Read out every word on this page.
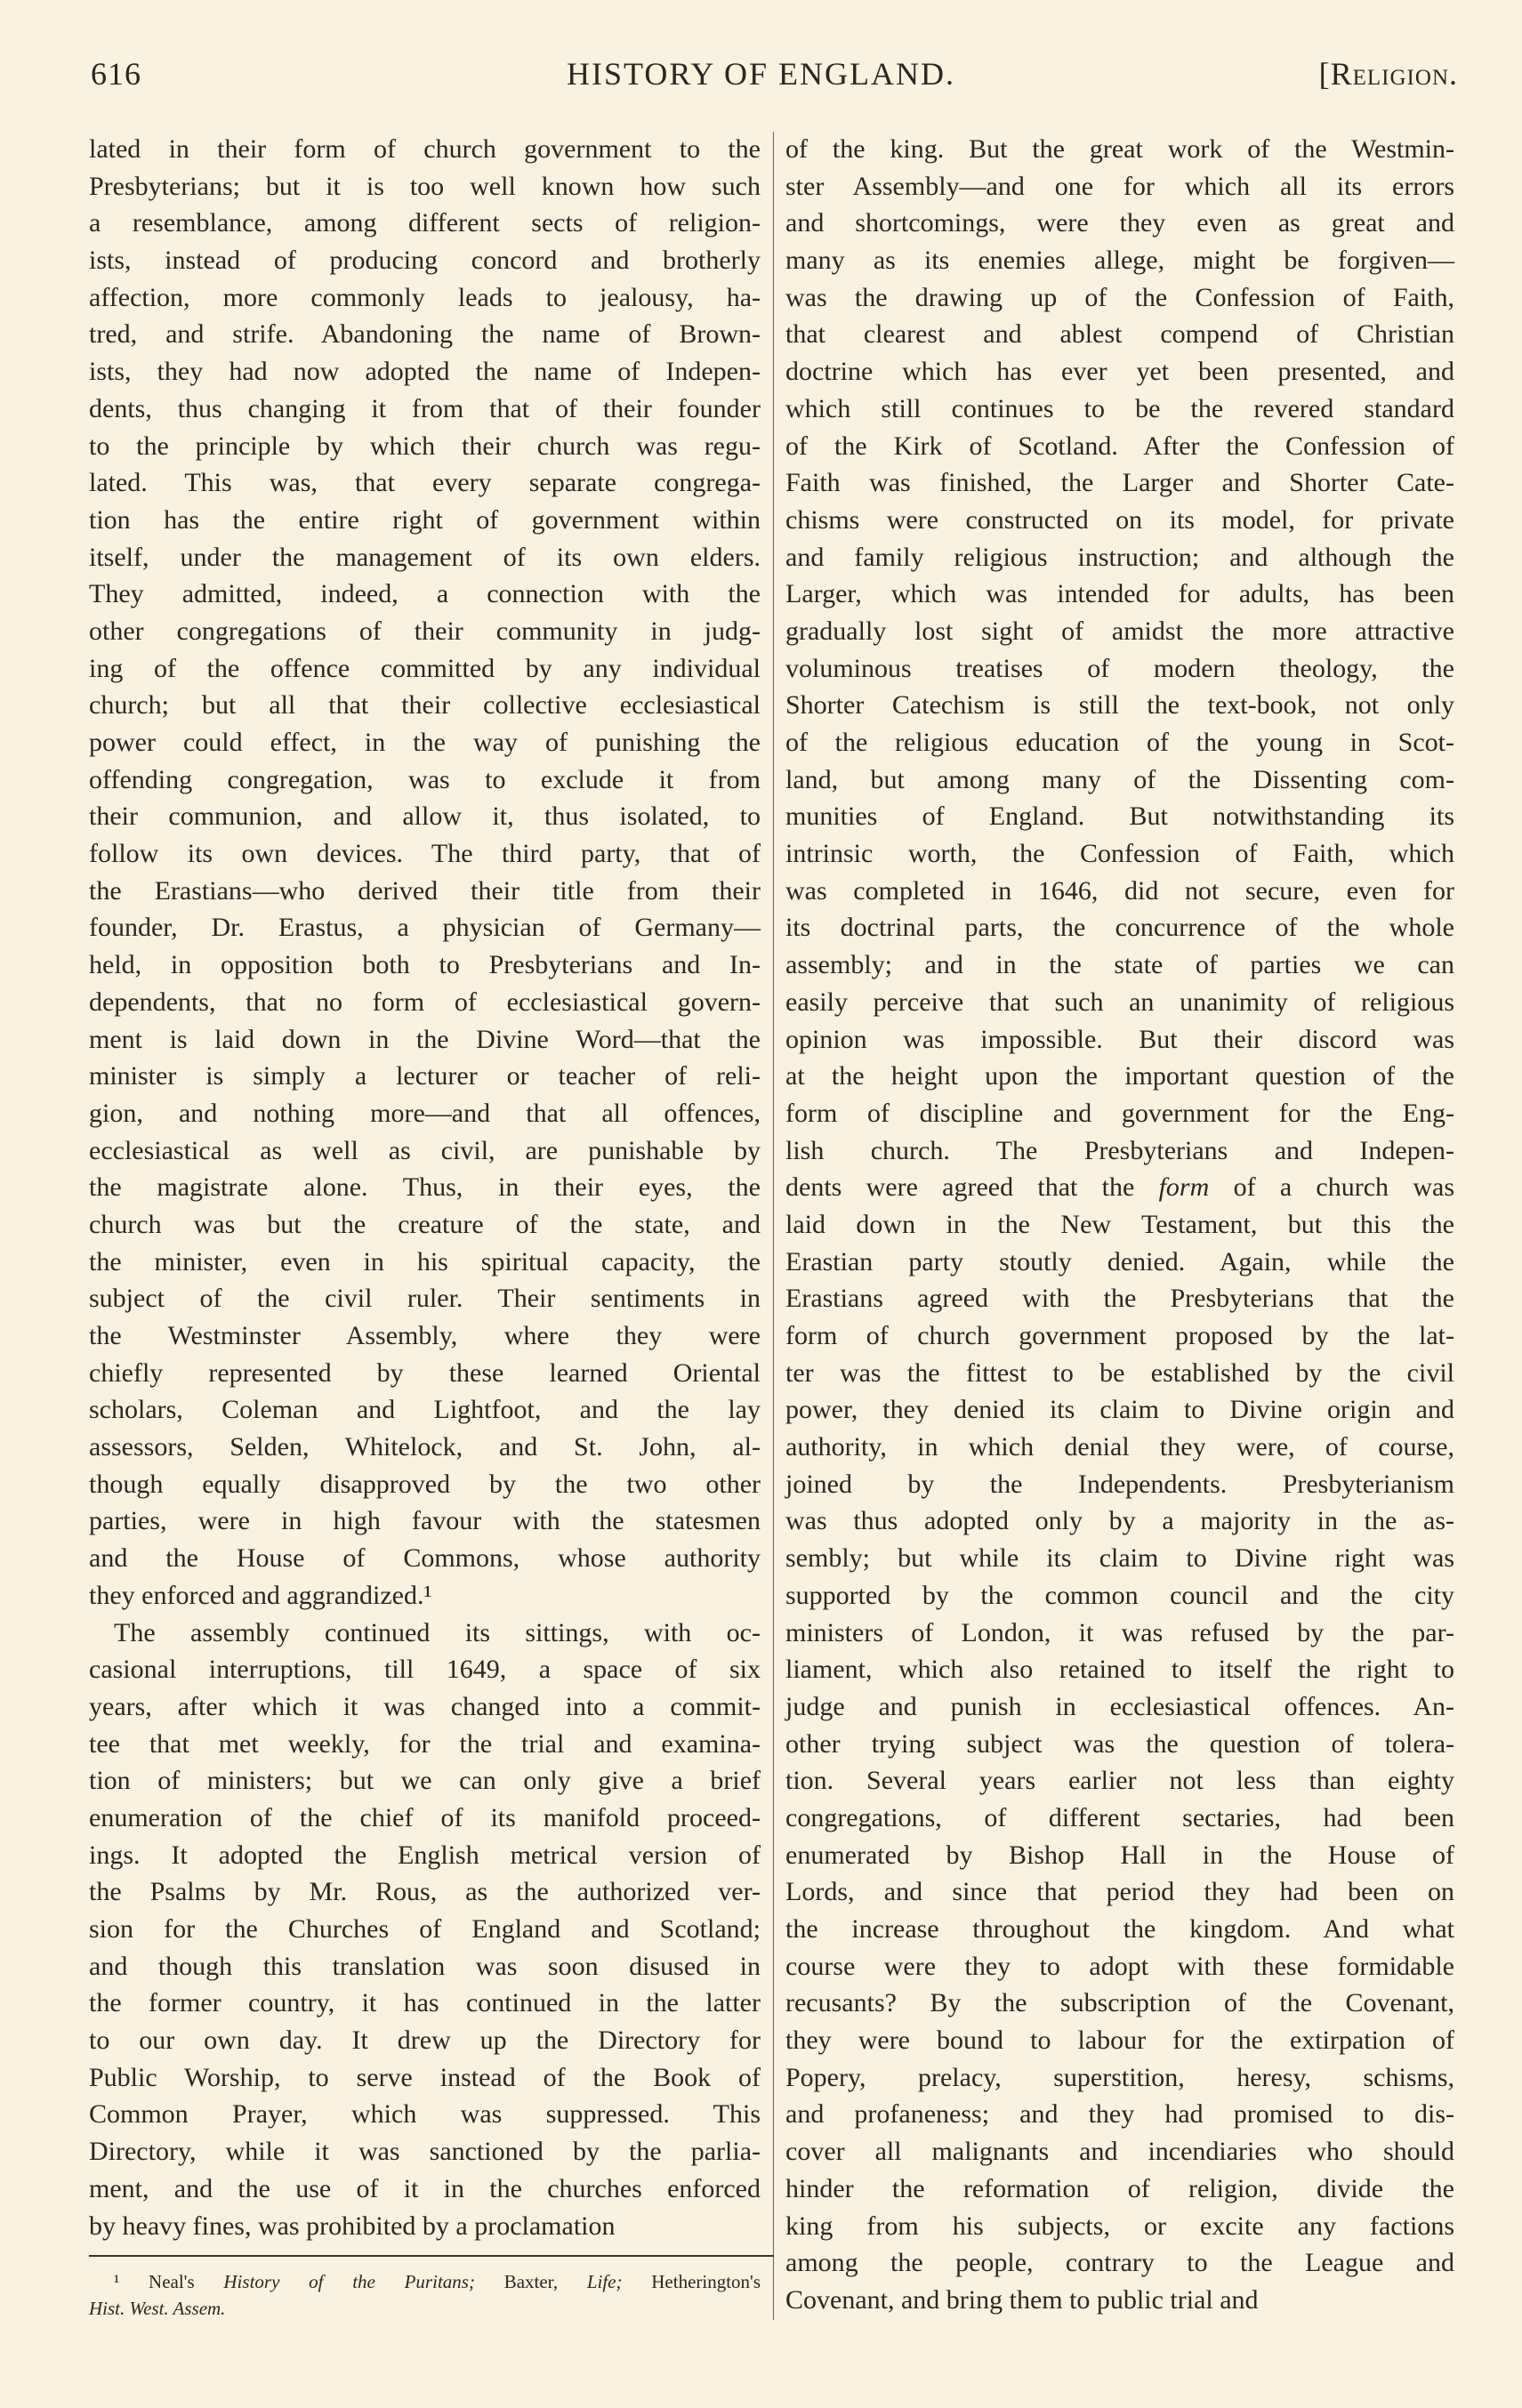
616	HISTORY OF ENGLAND.	[Religion.
lated in their form of church government to the
Presbyterians; but it is too well known how such
a resemblance, among different sects of religion-
ists, instead of producing concord and brotherly
affection, more commonly leads to jealousy, ha-
tred, and strife. Abandoning the name of Brown-
ists, they had now adopted the name of Indepen-
dents, thus changing it from that of their founder
to the principle by which their church was regu-
lated. This was, that every separate congrega-
tion has the entire right of government within
itself, under the management of its own elders.
They admitted, indeed, a connection with the
other congregations of their community in judg-
ing of the offence committed by any individual
church; but all that their collective ecclesiastical
power could effect, in the way of punishing the
offending congregation, was to exclude it from
their communion, and allow it, thus isolated, to
follow its own devices. The third party, that of
the Erastians—who derived their title from their
founder, Dr. Erastus, a physician of Germany—
held, in opposition both to Presbyterians and In-
dependents, that no form of ecclesiastical govern-
ment is laid down in the Divine Word—that the
minister is simply a lecturer or teacher of reli-
gion, and nothing more—and that all offences,
ecclesiastical as well as civil, are punishable by
the magistrate alone. Thus, in their eyes, the
church was but the creature of the state, and
the minister, even in his spiritual capacity, the
subject of the civil ruler. Their sentiments in
the Westminster Assembly, where they were
chiefly represented by these learned Oriental
scholars, Coleman and Lightfoot, and the lay
assessors, Selden, Whitelock, and St. John, al-
though equally disapproved by the two other
parties, were in high favour with the statesmen
and the House of Commons, whose authority
they enforced and aggrandized.¹
The assembly continued its sittings, with oc-
casional interruptions, till 1649, a space of six
years, after which it was changed into a commit-
tee that met weekly, for the trial and examina-
tion of ministers; but we can only give a brief
enumeration of the chief of its manifold proceed-
ings. It adopted the English metrical version of
the Psalms by Mr. Rous, as the authorized ver-
sion for the Churches of England and Scotland;
and though this translation was soon disused in
the former country, it has continued in the latter
to our own day. It drew up the Directory for
Public Worship, to serve instead of the Book of
Common Prayer, which was suppressed. This
Directory, while it was sanctioned by the parlia-
ment, and the use of it in the churches enforced
by heavy fines, was prohibited by a proclamation
of the king. But the great work of the Westmin-
ster Assembly—and one for which all its errors
and shortcomings, were they even as great and
many as its enemies allege, might be forgiven—
was the drawing up of the Confession of Faith,
that clearest and ablest compend of Christian
doctrine which has ever yet been presented, and
which still continues to be the revered standard
of the Kirk of Scotland. After the Confession of
Faith was finished, the Larger and Shorter Cate-
chisms were constructed on its model, for private
and family religious instruction; and although the
Larger, which was intended for adults, has been
gradually lost sight of amidst the more attractive
voluminous treatises of modern theology, the
Shorter Catechism is still the text-book, not only
of the religious education of the young in Scot-
land, but among many of the Dissenting com-
munities of England. But notwithstanding its
intrinsic worth, the Confession of Faith, which
was completed in 1646, did not secure, even for
its doctrinal parts, the concurrence of the whole
assembly; and in the state of parties we can
easily perceive that such an unanimity of religious
opinion was impossible. But their discord was
at the height upon the important question of the
form of discipline and government for the Eng-
lish church. The Presbyterians and Indepen-
dents were agreed that the form of a church was
laid down in the New Testament, but this the
Erastian party stoutly denied. Again, while the
Erastians agreed with the Presbyterians that the
form of church government proposed by the lat-
ter was the fittest to be established by the civil
power, they denied its claim to Divine origin and
authority, in which denial they were, of course,
joined by the Independents. Presbyterianism
was thus adopted only by a majority in the as-
sembly; but while its claim to Divine right was
supported by the common council and the city
ministers of London, it was refused by the par-
liament, which also retained to itself the right to
judge and punish in ecclesiastical offences. An-
other trying subject was the question of tolera-
tion. Several years earlier not less than eighty
congregations, of different sectaries, had been
enumerated by Bishop Hall in the House of
Lords, and since that period they had been on
the increase throughout the kingdom. And what
course were they to adopt with these formidable
recusants? By the subscription of the Covenant,
they were bound to labour for the extirpation of
Popery, prelacy, superstition, heresy, schisms,
and profaneness; and they had promised to dis-
cover all malignants and incendiaries who should
hinder the reformation of religion, divide the
king from his subjects, or excite any factions
among the people, contrary to the League and
Covenant, and bring them to public trial and
¹ Neal's History of the Puritans; Baxter, Life; Hetherington's
Hist. West. Assem.
